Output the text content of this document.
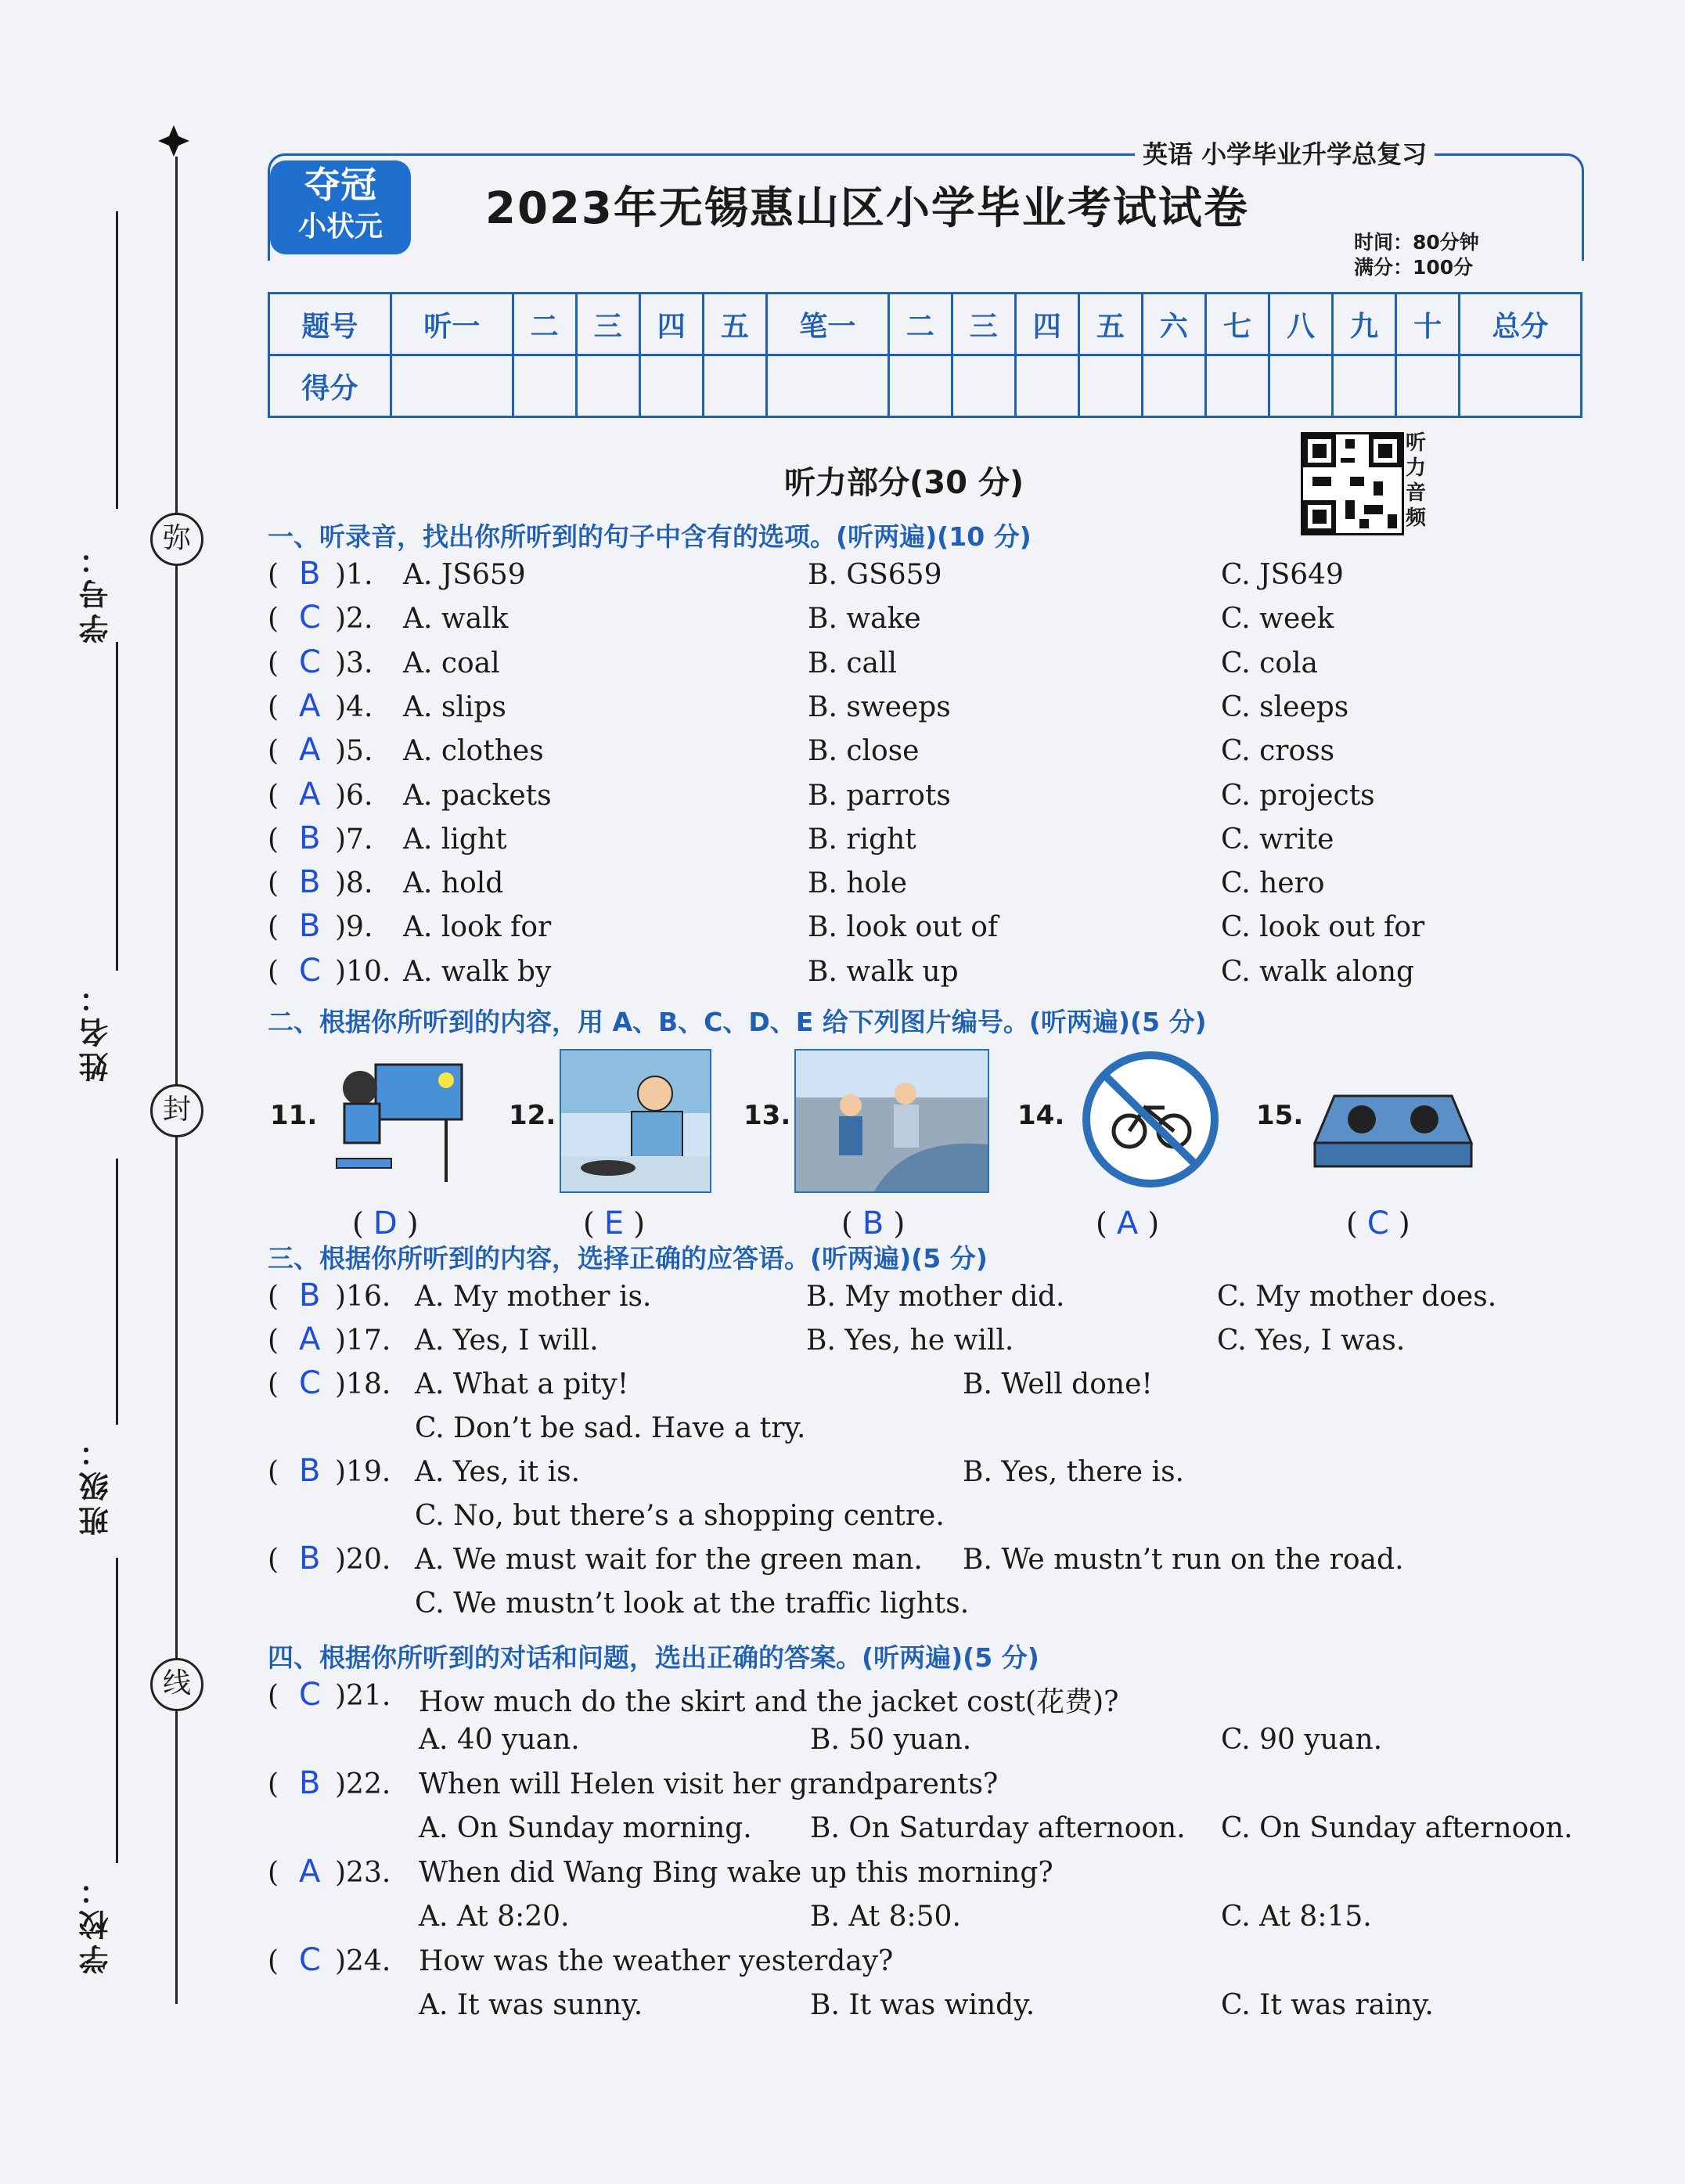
弥
封
线
学号：
姓名：
班级：
学校：
夺冠
小状元
英语 小学毕业升学总复习
2023年无锡惠山区小学毕业考试试卷
时间：80分钟
满分：100分
题号	听一	二	三	四	五	笔一	二	三	四	五	六	七	八	九	十	总分
得分																
听力音频
听力部分(30 分)
一、听录音，找出你所听到的句子中含有的选项。(听两遍)(10 分)
( B )1. A. JS659	B. GS659	C. JS649
( C )2. A. walk	B. wake	C. week
( C )3. A. coal	B. call	C. cola
( A )4. A. slips	B. sweeps	C. sleeps
( A )5. A. clothes	B. close	C. cross
( A )6. A. packets	B. parrots	C. projects
( B )7. A. light	B. right	C. write
( B )8. A. hold	B. hole	C. hero
( B )9. A. look for	B. look out of	C. look out for
( C )10. A. walk by	B. walk up	C. walk along
二、根据你所听到的内容，用 A、B、C、D、E 给下列图片编号。(听两遍)(5 分)
11.	12.	13.	14.	15.
( D )	( E )	( B )	( A )	( C )
三、根据你所听到的内容，选择正确的应答语。(听两遍)(5 分)
( B )16. A. My mother is.	B. My mother did.	C. My mother does.
( A )17. A. Yes, I will.	B. Yes, he will.	C. Yes, I was.
( C )18. A. What a pity!	B. Well done!
C. Don’t be sad. Have a try.
( B )19. A. Yes, it is.	B. Yes, there is.
C. No, but there’s a shopping centre.
( B )20. A. We must wait for the green man. B. We mustn’t run on the road.
C. We mustn’t look at the traffic lights.
四、根据你所听到的对话和问题，选出正确的答案。(听两遍)(5 分)
( C )21. How much do the skirt and the jacket cost(花费)?
A. 40 yuan.	B. 50 yuan.	C. 90 yuan.
( B )22. When will Helen visit her grandparents?
A. On Sunday morning. B. On Saturday afternoon. C. On Sunday afternoon.
( A )23. When did Wang Bing wake up this morning?
A. At 8:20.	B. At 8:50.	C. At 8:15.
( C )24. How was the weather yesterday?
A. It was sunny.	B. It was windy.	C. It was rainy.
